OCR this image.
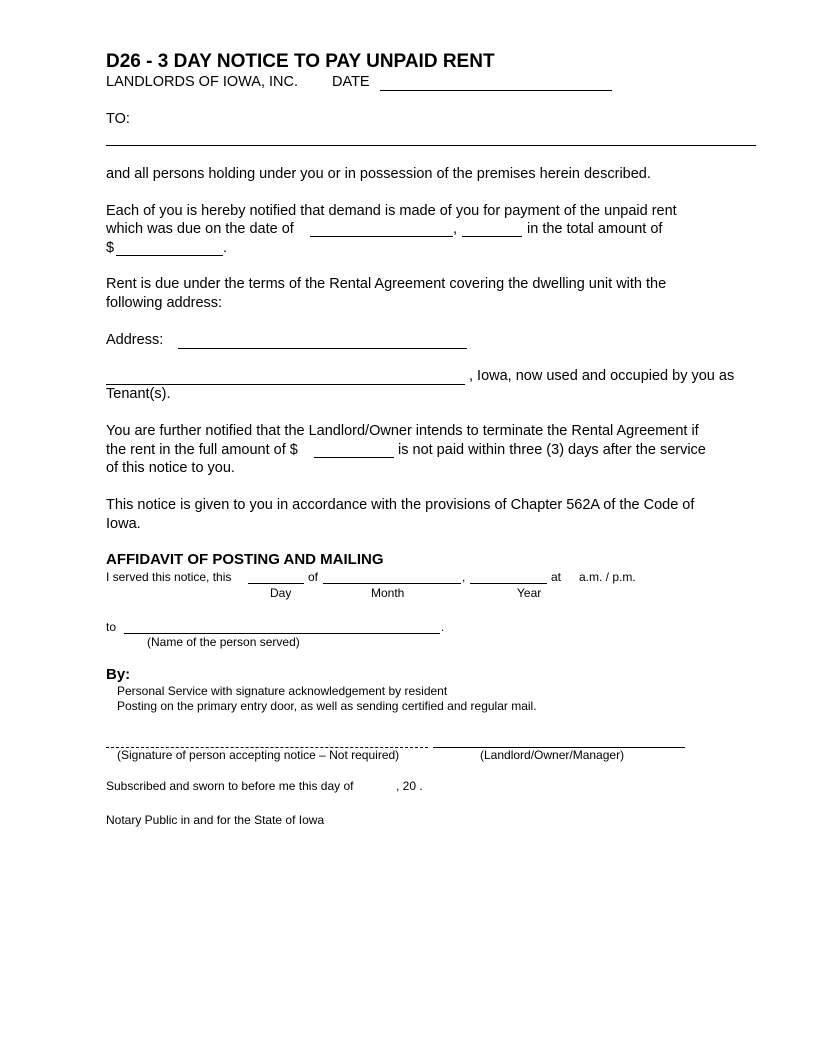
D26 - 3 DAY NOTICE TO PAY UNPAID RENT
LANDLORDS OF IOWA, INC. DATE
TO:
and all persons holding under you or in possession of the premises herein described.
Each of you is hereby notified that demand is made of you for payment of the unpaid rent
which was due on the date of	,	in the total amount of
$	.
Rent is due under the terms of the Rental Agreement covering the dwelling unit with the
following address:
Address:
, Iowa, now used and occupied by you as
Tenant(s).
You are further notified that the Landlord/Owner intends to terminate the Rental Agreement if
the rent in the full amount of $	is not paid within three (3) days after the service
of this notice to you.
This notice is given to you in accordance with the provisions of Chapter 562A of the Code of
Iowa.
AFFIDAVIT OF POSTING AND MAILING
I served this notice, this	of	,	at a.m. / p.m.
Day	Month	Year
to	.
(Name of the person served)
By:
Personal Service with signature acknowledgement by resident
Posting on the primary entry door, as well as sending certified and regular mail.
(Signature of person accepting notice – Not required)	(Landlord/Owner/Manager)
Subscribed and sworn to before me this day of	, 20 .
Notary Public in and for the State of Iowa
